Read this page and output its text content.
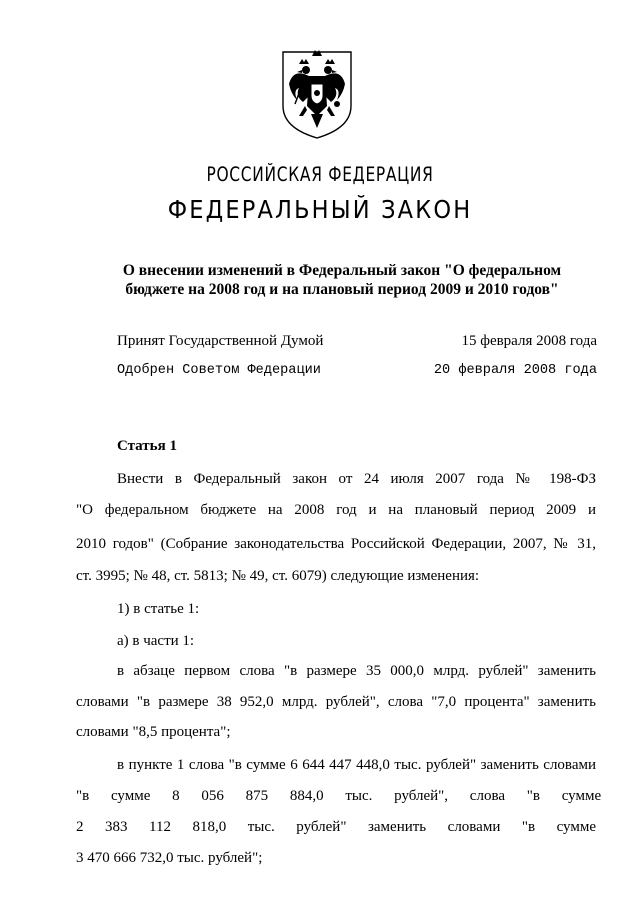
РОССИЙСКАЯ ФЕДЕРАЦИЯ
ФЕДЕРАЛЬНЫЙ ЗАКОН
О внесении изменений в Федеральный закон "О федеральном
бюджете на 2008 год и на плановый период 2009 и 2010 годов"
Принят Государственной Думой	15 февраля 2008 года
Одобрен Советом Федерации	20 февраля 2008 года
Статья 1
Внести в Федеральный закон от 24 июля 2007 года № 198-ФЗ
"О федеральном бюджете на 2008 год и на плановый период 2009 и
2010 годов" (Собрание законодательства Российской Федерации, 2007, № 31,
ст. 3995; № 48, ст. 5813; № 49, ст. 6079) следующие изменения:
1) в статье 1:
а) в части 1:
в абзаце первом слова "в размере 35 000,0 млрд. рублей" заменить
словами "в размере 38 952,0 млрд. рублей", слова "7,0 процента" заменить
словами "8,5 процента";
в пункте 1 слова "в сумме 6 644 447 448,0 тыс. рублей" заменить словами
"в сумме 8 056 875 884,0 тыс. рублей", слова "в сумме
2 383 112 818,0 тыс. рублей" заменить словами "в сумме
3 470 666 732,0 тыс. рублей";
